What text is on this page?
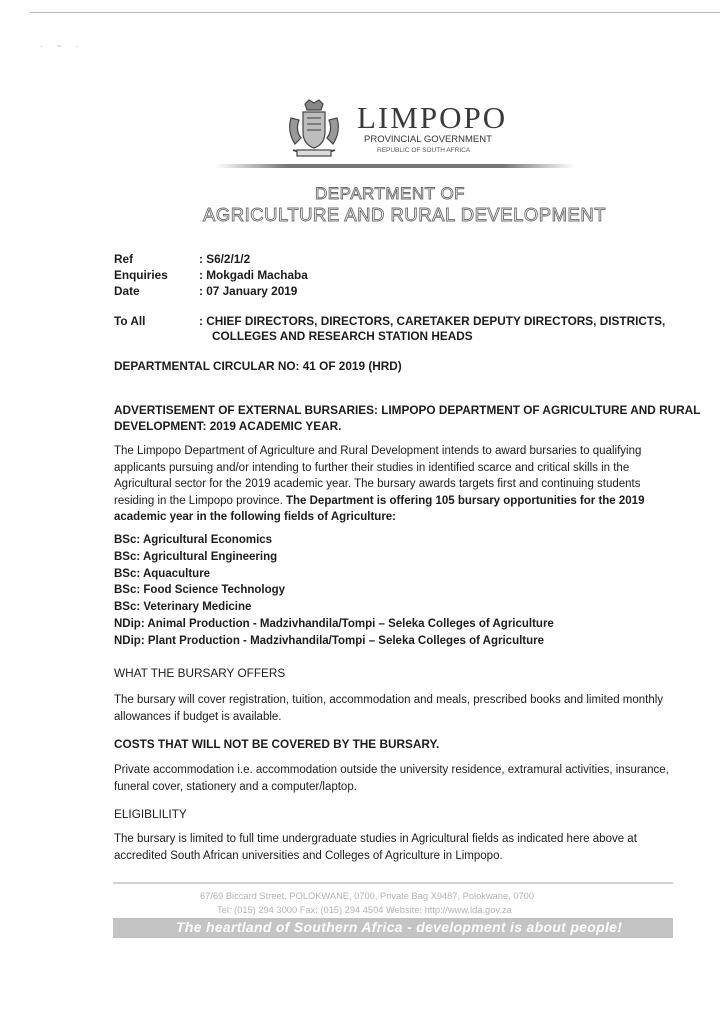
· ~ ·
LIMPOPO
PROVINCIAL GOVERNMENT
REPUBLIC OF SOUTH AFRICA
DEPARTMENT OF
AGRICULTURE AND RURAL DEVELOPMENT
Ref	: S6/2/1/2
Enquiries	: Mokgadi Machaba
Date	: 07 January 2019
To All	: CHIEF DIRECTORS, DIRECTORS, CARETAKER DEPUTY DIRECTORS, DISTRICTS,
COLLEGES AND RESEARCH STATION HEADS
DEPARTMENTAL CIRCULAR NO: 41 OF 2019 (HRD)
ADVERTISEMENT OF EXTERNAL BURSARIES: LIMPOPO DEPARTMENT OF AGRICULTURE AND RURAL
DEVELOPMENT: 2019 ACADEMIC YEAR.
The Limpopo Department of Agriculture and Rural Development intends to award bursaries to qualifying applicants pursuing and/or intending to further their studies in identified scarce and critical skills in the Agricultural sector for the 2019 academic year. The bursary awards targets first and continuing students residing in the Limpopo province. The Department is offering 105 bursary opportunities for the 2019 academic year in the following fields of Agriculture:
BSc: Agricultural Economics
BSc: Agricultural Engineering
BSc: Aquaculture
BSc: Food Science Technology
BSc: Veterinary Medicine
NDip: Animal Production - Madzivhandila/Tompi – Seleka Colleges of Agriculture
NDip: Plant Production - Madzivhandila/Tompi – Seleka Colleges of Agriculture
WHAT THE BURSARY OFFERS
The bursary will cover registration, tuition, accommodation and meals, prescribed books and limited monthly allowances if budget is available.
COSTS THAT WILL NOT BE COVERED BY THE BURSARY.
Private accommodation i.e. accommodation outside the university residence, extramural activities, insurance, funeral cover, stationery and a computer/laptop.
ELIGIBLILITY
The bursary is limited to full time undergraduate studies in Agricultural fields as indicated here above at accredited South African universities and Colleges of Agriculture in Limpopo.
67/69 Biccard Street, POLOKWANE, 0700, Private Bag X9487, Polokwane, 0700
Tel: (015) 294 3000 Fax: (015) 294 4504 Website: http://www.lda.gov.za
The heartland of Southern Africa - development is about people!
